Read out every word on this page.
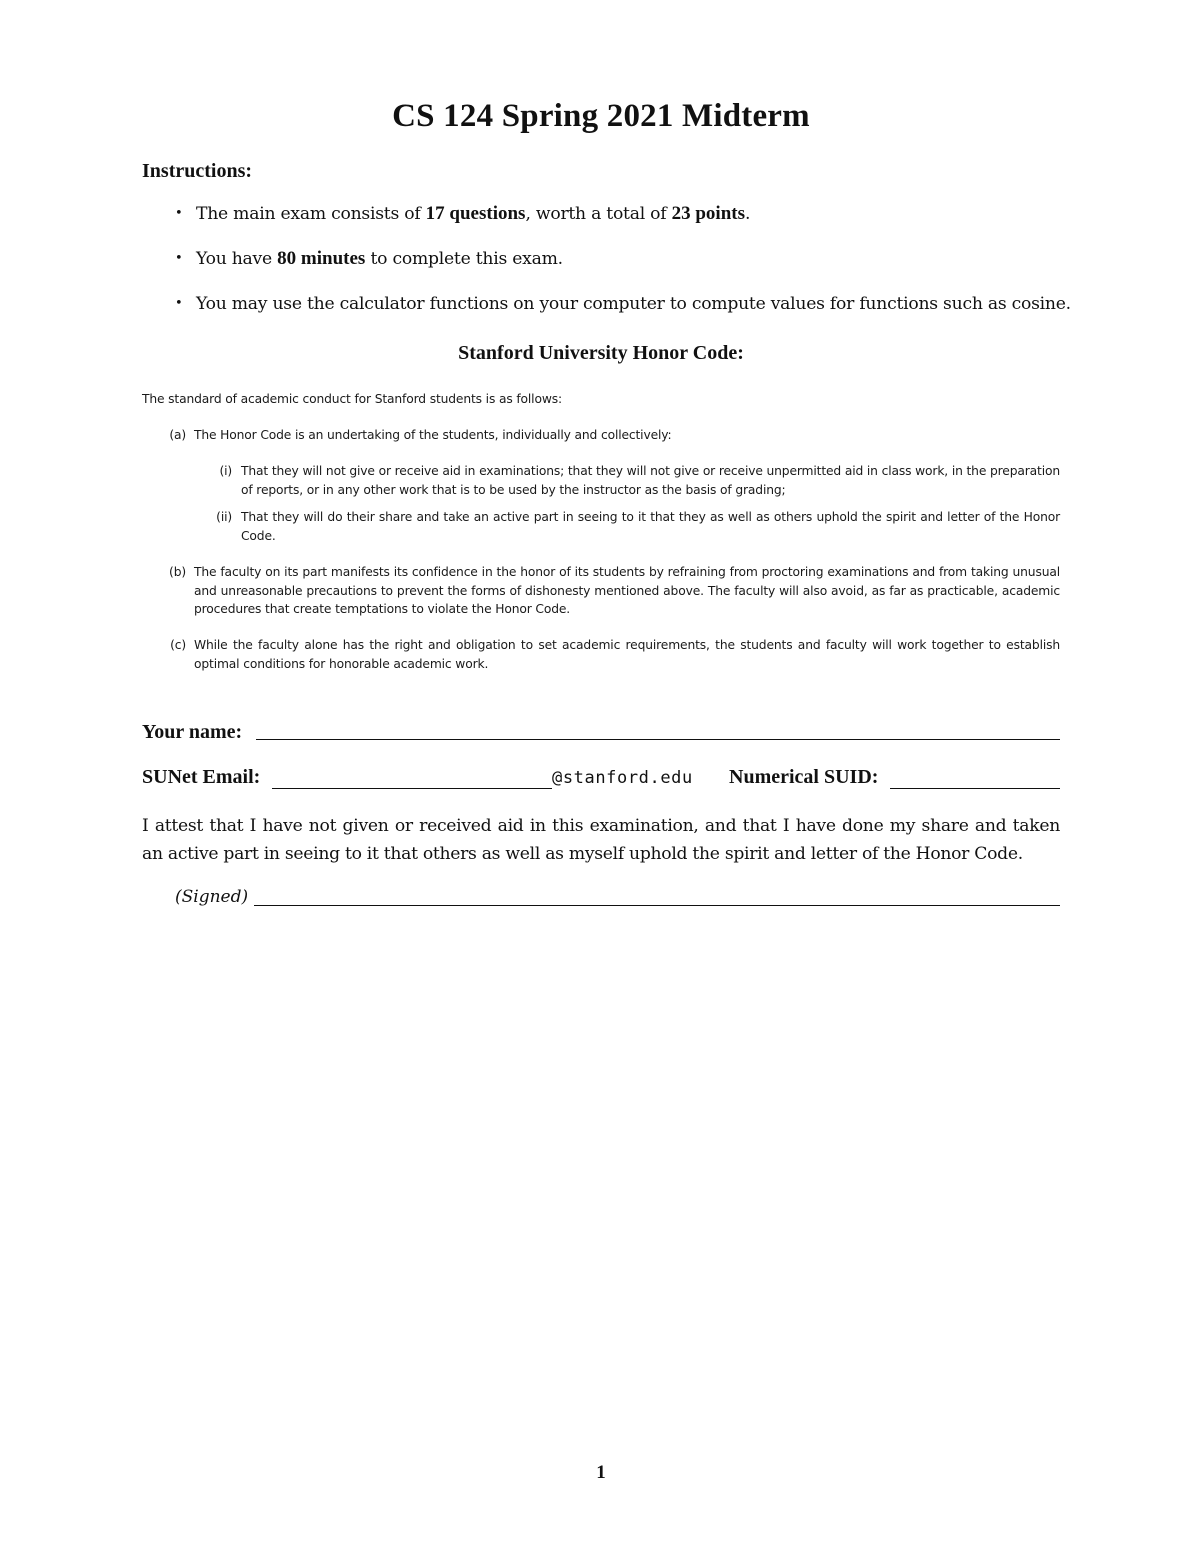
CS 124 Spring 2021 Midterm
Instructions:
• The main exam consists of 17 questions, worth a total of 23 points.
• You have 80 minutes to complete this exam.
• You may use the calculator functions on your computer to compute values for functions such as cosine.
Stanford University Honor Code:
The standard of academic conduct for Stanford students is as follows:
(a) The Honor Code is an undertaking of the students, individually and collectively:
(i) That they will not give or receive aid in examinations; that they will not give or receive unpermitted aid in class work, in the preparation of reports, or in any other work that is to be used by the instructor as the basis of grading;
(ii) That they will do their share and take an active part in seeing to it that they as well as others uphold the spirit and letter of the Honor Code.
(b) The faculty on its part manifests its confidence in the honor of its students by refraining from proctoring examinations and from taking unusual and unreasonable precautions to prevent the forms of dishonesty mentioned above. The faculty will also avoid, as far as practicable, academic procedures that create temptations to violate the Honor Code.
(c) While the faculty alone has the right and obligation to set academic requirements, the students and faculty will work together to establish optimal conditions for honorable academic work.
Your name:
SUNet Email:	@stanford.edu Numerical SUID:
I attest that I have not given or received aid in this examination, and that I have done my share and taken an active part in seeing to it that others as well as myself uphold the spirit and letter of the Honor Code.
(Signed)
1
